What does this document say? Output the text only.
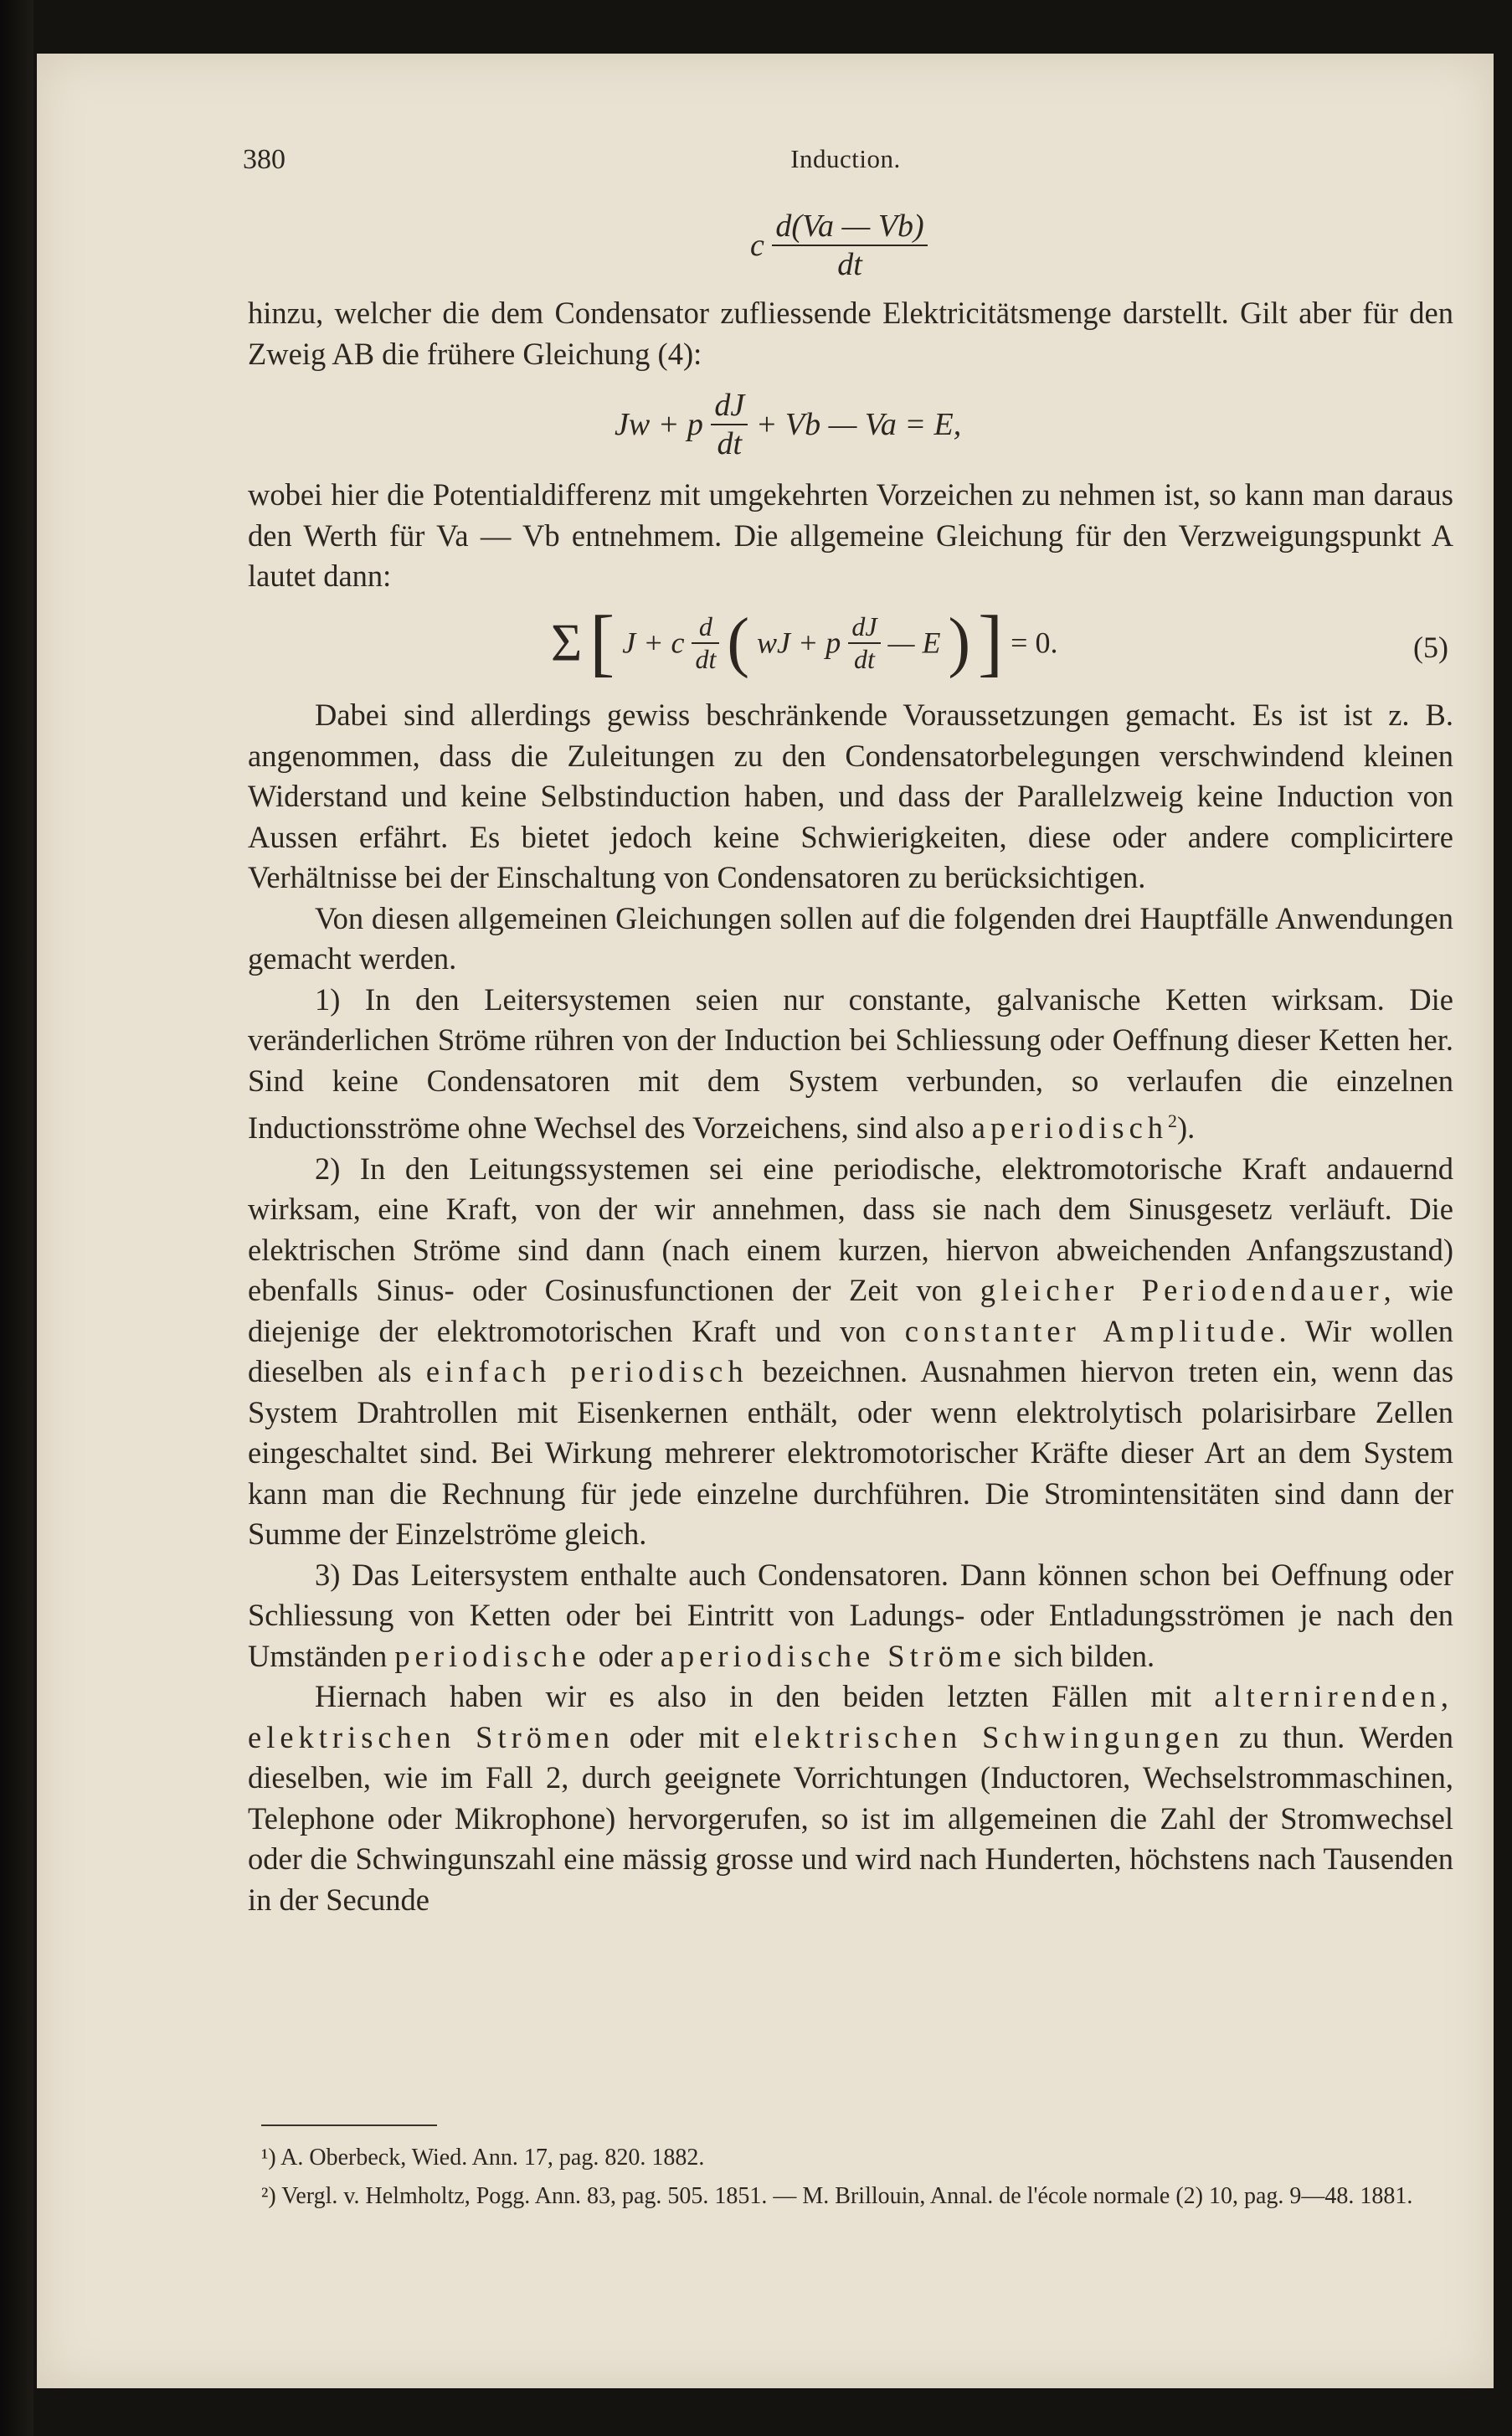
380	Induction.
c $\frac{d(Va — Vb)}{dt}$

hinzu, welcher die dem Condensator zufliessende Elektricitätsmenge darstellt. Gilt aber für den Zweig AB die frühere Gleichung (4):

Jw + p $\frac{dJ}{dt} + Vb$ — Va = E,

wobei hier die Potentialdifferenz mit umgekehrten Vorzeichen zu nehmen ist, so kann man daraus den Werth für Va — Vb entnehmem. Die allgemeine Gleichung für den Verzweigungspunkt A lautet dann:

Σ [ J + c $\frac{d}{dt}$ ( wJ + p $\frac{dJ}{dt}$ — E ) ] = 0.	(5)

Dabei sind allerdings gewiss beschränkende Voraussetzungen gemacht. Es ist ist z. B. angenommen, dass die Zuleitungen zu den Condensatorbelegungen verschwindend kleinen Widerstand und keine Selbstinduction haben, und dass der Parallelzweig keine Induction von Aussen erfährt. Es bietet jedoch keine Schwierigkeiten, diese oder andere complicirtere Verhältnisse bei der Einschaltung von Condensatoren zu berücksichtigen.

Von diesen allgemeinen Gleichungen sollen auf die folgenden drei Hauptfälle Anwendungen gemacht werden.

1) In den Leitersystemen seien nur constante, galvanische Ketten wirksam. Die veränderlichen Ströme rühren von der Induction bei Schliessung oder Oeffnung dieser Ketten her. Sind keine Condensatoren mit dem System verbunden, so verlaufen die einzelnen Inductionsströme ohne Wechsel des Vorzeichens, sind also aperiodisch$^2$).

2) In den Leitungssystemen sei eine periodische, elektromotorische Kraft andauernd wirksam, eine Kraft, von der wir annehmen, dass sie nach dem Sinusgesetz verläuft. Die elektrischen Ströme sind dann (nach einem kurzen, hiervon abweichenden Anfangszustand) ebenfalls Sinus- oder Cosinusfunctionen der Zeit von gleicher Periodendauer, wie diejenige der elektromotorischen Kraft und von constanter Amplitude. Wir wollen dieselben als einfach periodisch bezeichnen. Ausnahmen hiervon treten ein, wenn das System Drahtrollen mit Eisenkernen enthält, oder wenn elektrolytisch polarisirbare Zellen eingeschaltet sind. Bei Wirkung mehrerer elektromotorischer Kräfte dieser Art an dem System kann man die Rechnung für jede einzelne durchführen. Die Stromintensitäten sind dann der Summe der Einzelströme gleich.

3) Das Leitersystem enthalte auch Condensatoren. Dann können schon bei Oeffnung oder Schliessung von Ketten oder bei Eintritt von Ladungs- oder Entladungsströmen je nach den Umständen periodische oder aperiodische Ströme sich bilden.

Hiernach haben wir es also in den beiden letzten Fällen mit alternirenden, elektrischen Strömen oder mit elektrischen Schwingungen zu thun. Werden dieselben, wie im Fall 2, durch geeignete Vorrichtungen (Inductoren, Wechselstrommaschinen, Telephone oder Mikrophone) hervorgerufen, so ist im allgemeinen die Zahl der Stromwechsel oder die Schwingunszahl eine mässig grosse und wird nach Hunderten, höchstens nach Tausenden in der Secunde

¹) A. Oberbeck, Wied. Ann. 17, pag. 820. 1882.
²) Vergl. v. Helmholtz, Pogg. Ann. 83, pag. 505. 1851. — M. Brillouin, Annal. de l'école normale (2) 10, pag. 9—48. 1881.
